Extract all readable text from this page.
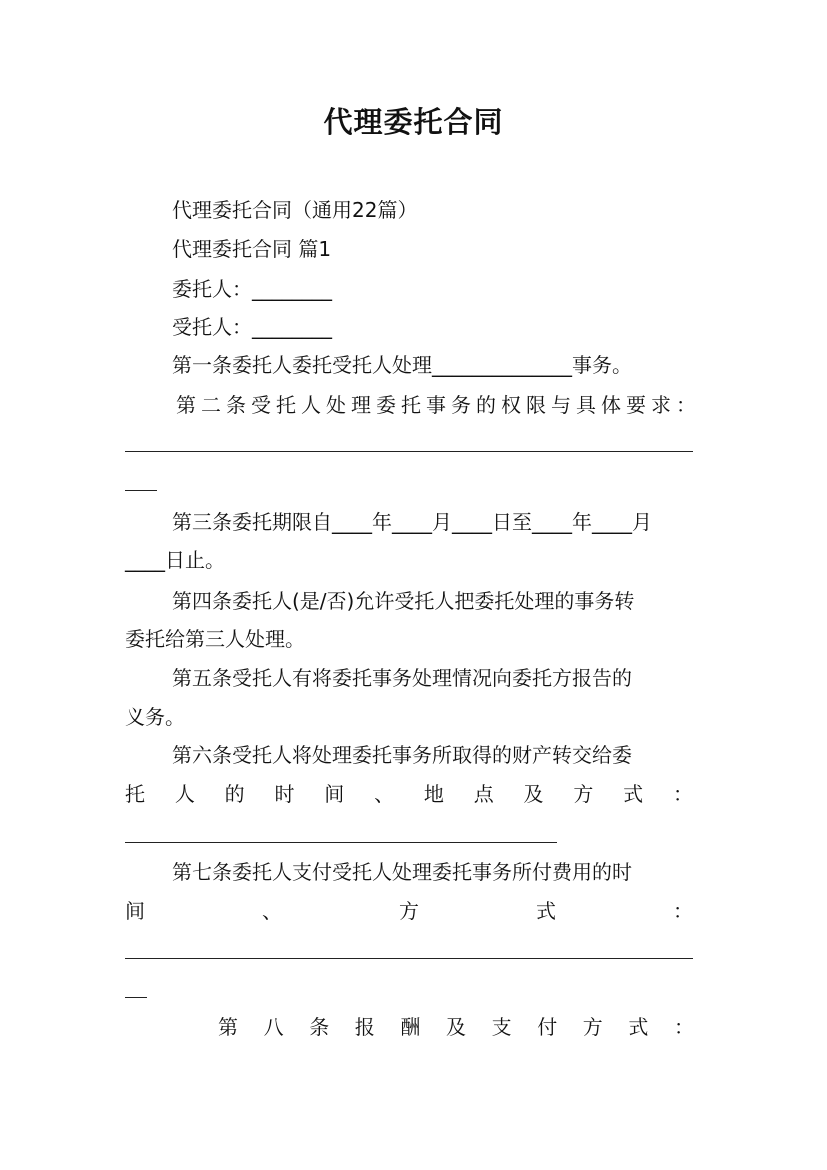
代理委托合同
代理委托合同（通用22篇）
代理委托合同 篇1
委托人：________
受托人：________
第一条委托人委托受托人处理______________事务。
第二条受托人处理委托事务的权限与具体要求：
第三条委托期限自____年____月____日至____年____月
____日止。
第四条委托人(是/否)允许受托人把委托处理的事务转
委托给第三人处理。
第五条受托人有将委托事务处理情况向委托方报告的
义务。
第六条受托人将处理委托事务所取得的财产转交给委
托人的时间、地点及方式：
第七条委托人支付受托人处理委托事务所付费用的时
间、方式：
第八条报酬及支付方式：
